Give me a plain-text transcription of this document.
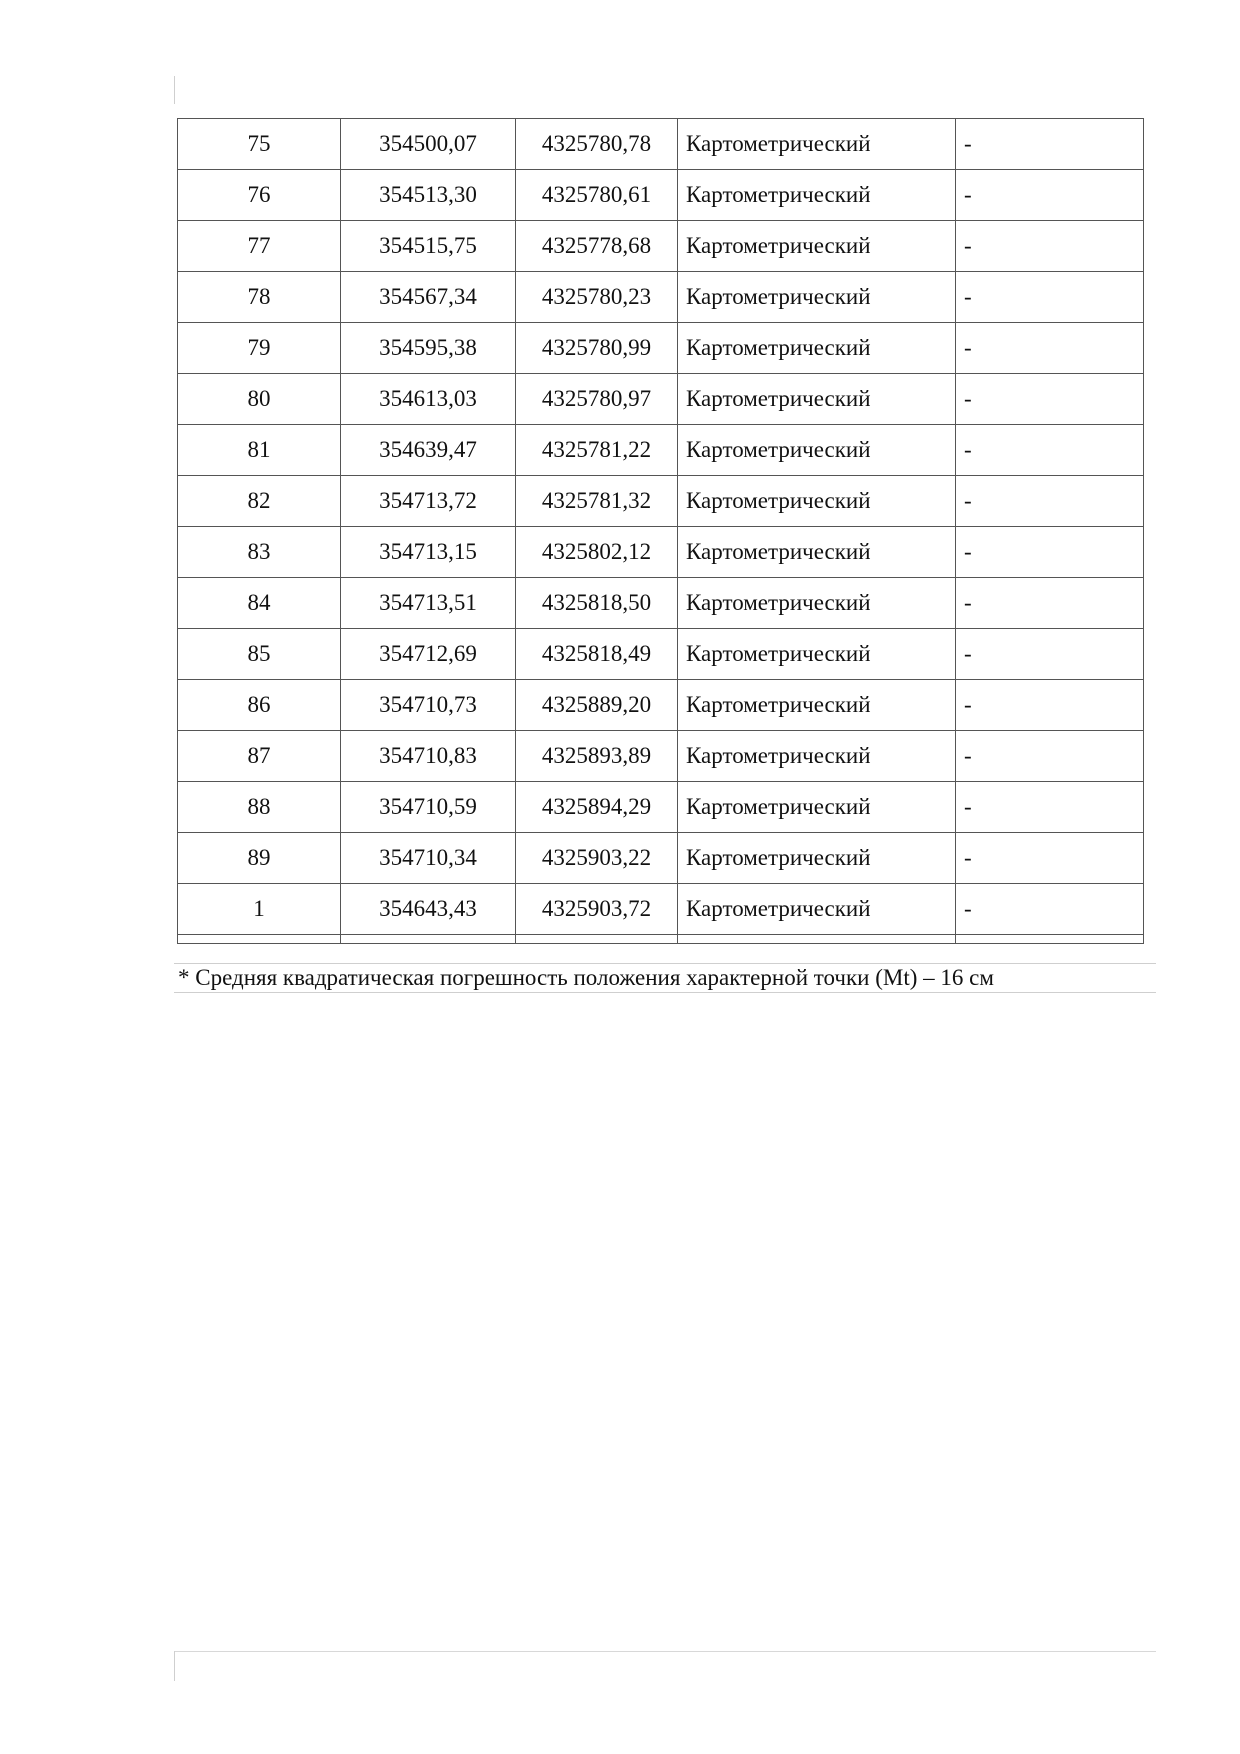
75	354500,07	4325780,78	Картометрический	-
76	354513,30	4325780,61	Картометрический	-
77	354515,75	4325778,68	Картометрический	-
78	354567,34	4325780,23	Картометрический	-
79	354595,38	4325780,99	Картометрический	-
80	354613,03	4325780,97	Картометрический	-
81	354639,47	4325781,22	Картометрический	-
82	354713,72	4325781,32	Картометрический	-
83	354713,15	4325802,12	Картометрический	-
84	354713,51	4325818,50	Картометрический	-
85	354712,69	4325818,49	Картометрический	-
86	354710,73	4325889,20	Картометрический	-
87	354710,83	4325893,89	Картометрический	-
88	354710,59	4325894,29	Картометрический	-
89	354710,34	4325903,22	Картометрический	-
1	354643,43	4325903,72	Картометрический	-

* Средняя квадратическая погрешность положения характерной точки (Mt) – 16 см
